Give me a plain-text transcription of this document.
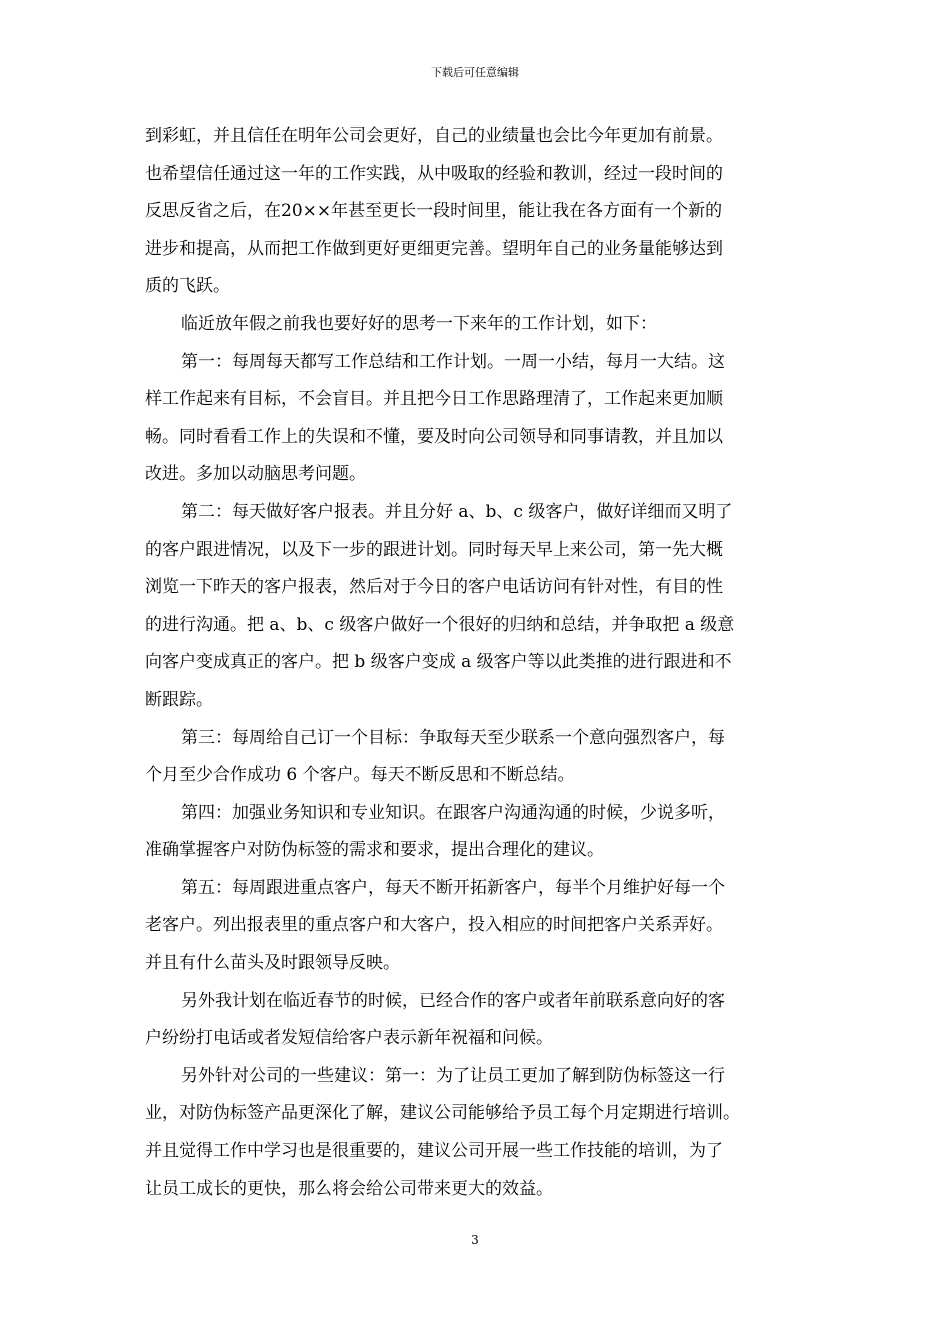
下载后可任意编辑
到彩虹，并且信任在明年公司会更好，自己的业绩量也会比今年更加有前景。
也希望信任通过这一年的工作实践，从中吸取的经验和教训，经过一段时间的
反思反省之后，在20××年甚至更长一段时间里，能让我在各方面有一个新的
进步和提高，从而把工作做到更好更细更完善。望明年自己的业务量能够达到
质的飞跃。
临近放年假之前我也要好好的思考一下来年的工作计划，如下：
第一：每周每天都写工作总结和工作计划。一周一小结，每月一大结。这
样工作起来有目标，不会盲目。并且把今日工作思路理清了，工作起来更加顺
畅。同时看看工作上的失误和不懂，要及时向公司领导和同事请教，并且加以
改进。多加以动脑思考问题。
第二：每天做好客户报表。并且分好 a、b、c 级客户，做好详细而又明了
的客户跟进情况，以及下一步的跟进计划。同时每天早上来公司，第一先大概
浏览一下昨天的客户报表，然后对于今日的客户电话访问有针对性，有目的性
的进行沟通。把 a、b、c 级客户做好一个很好的归纳和总结，并争取把 a 级意
向客户变成真正的客户。把 b 级客户变成 a 级客户等以此类推的进行跟进和不
断跟踪。
第三：每周给自己订一个目标：争取每天至少联系一个意向强烈客户，每
个月至少合作成功 6 个客户。每天不断反思和不断总结。
第四：加强业务知识和专业知识。在跟客户沟通沟通的时候，少说多听，
准确掌握客户对防伪标签的需求和要求，提出合理化的建议。
第五：每周跟进重点客户，每天不断开拓新客户，每半个月维护好每一个
老客户。列出报表里的重点客户和大客户，投入相应的时间把客户关系弄好。
并且有什么苗头及时跟领导反映。
另外我计划在临近春节的时候，已经合作的客户或者年前联系意向好的客
户纷纷打电话或者发短信给客户表示新年祝福和问候。
另外针对公司的一些建议：第一：为了让员工更加了解到防伪标签这一行
业，对防伪标签产品更深化了解，建议公司能够给予员工每个月定期进行培训。
并且觉得工作中学习也是很重要的，建议公司开展一些工作技能的培训，为了
让员工成长的更快，那么将会给公司带来更大的效益。
3
